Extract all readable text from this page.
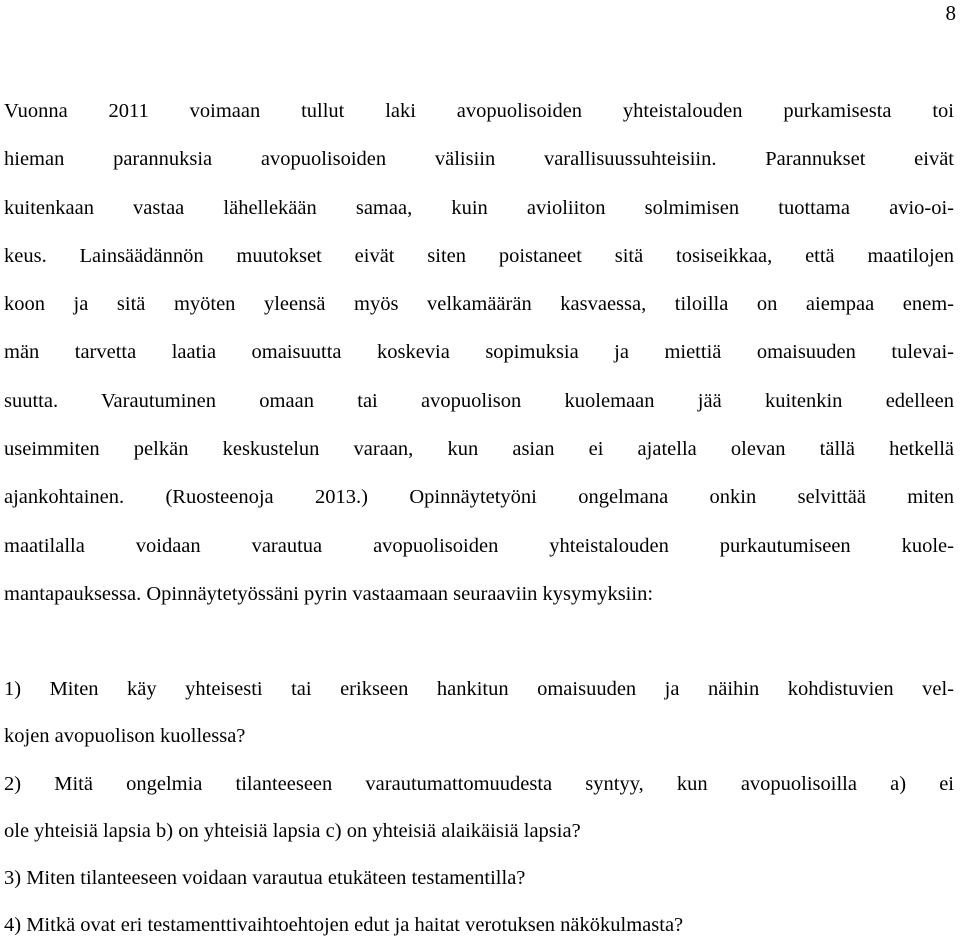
8
Vuonna 2011 voimaan tullut laki avopuolisoiden yhteistalouden purkamisesta toi
hieman parannuksia avopuolisoiden välisiin varallisuussuhteisiin. Parannukset eivät
kuitenkaan vastaa lähellekään samaa, kuin avioliiton solmimisen tuottama avio-oi-
keus. Lainsäädännön muutokset eivät siten poistaneet sitä tosiseikkaa, että maatilojen
koon ja sitä myöten yleensä myös velkamäärän kasvaessa, tiloilla on aiempaa enem-
män tarvetta laatia omaisuutta koskevia sopimuksia ja miettiä omaisuuden tulevai-
suutta. Varautuminen omaan tai avopuolison kuolemaan jää kuitenkin edelleen
useimmiten pelkän keskustelun varaan, kun asian ei ajatella olevan tällä hetkellä
ajankohtainen. (Ruosteenoja 2013.) Opinnäytetyöni ongelmana onkin selvittää miten
maatilalla voidaan varautua avopuolisoiden yhteistalouden purkautumiseen kuole-
mantapauksessa. Opinnäytetyössäni pyrin vastaamaan seuraaviin kysymyksiin:
1) Miten käy yhteisesti tai erikseen hankitun omaisuuden ja näihin kohdistuvien vel-
kojen avopuolison kuollessa?
2) Mitä ongelmia tilanteeseen varautumattomuudesta syntyy, kun avopuolisoilla a) ei
ole yhteisiä lapsia b) on yhteisiä lapsia c) on yhteisiä alaikäisiä lapsia?
3) Miten tilanteeseen voidaan varautua etukäteen testamentilla?
4) Mitkä ovat eri testamenttivaihtoehtojen edut ja haitat verotuksen näkökulmasta?
